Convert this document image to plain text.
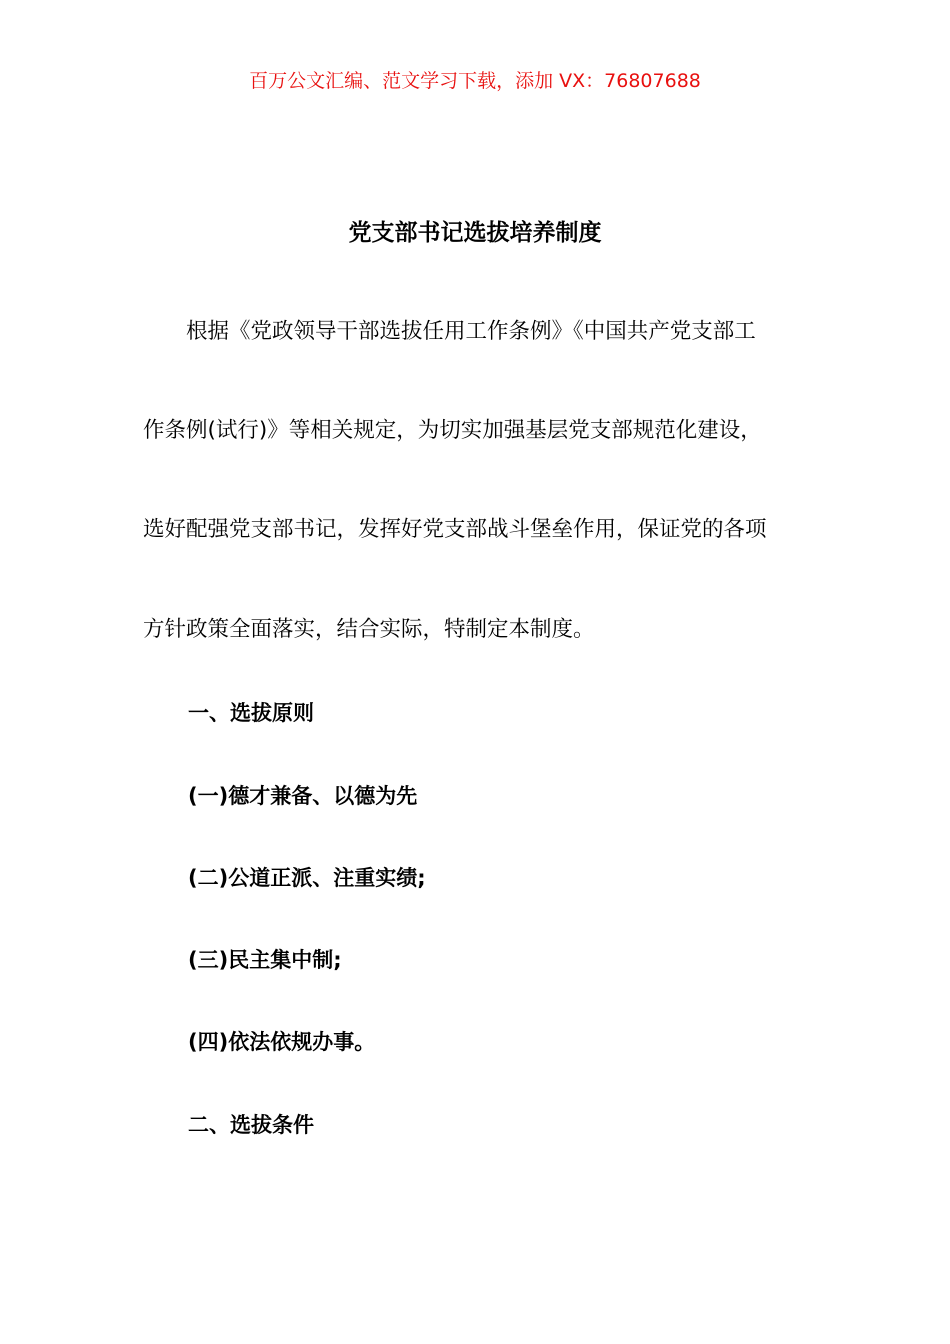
百万公文汇编、范文学习下载，添加 VX：76807688
党支部书记选拔培养制度
　　根据《党政领导干部选拔任用工作条例》《中国共产党支部工
作条例(试行)》等相关规定，为切实加强基层党支部规范化建设，
选好配强党支部书记，发挥好党支部战斗堡垒作用，保证党的各项
方针政策全面落实，结合实际，特制定本制度。
一、选拔原则
(一)德才兼备、以德为先
(二)公道正派、注重实绩;
(三)民主集中制;
(四)依法依规办事。
二、选拔条件
